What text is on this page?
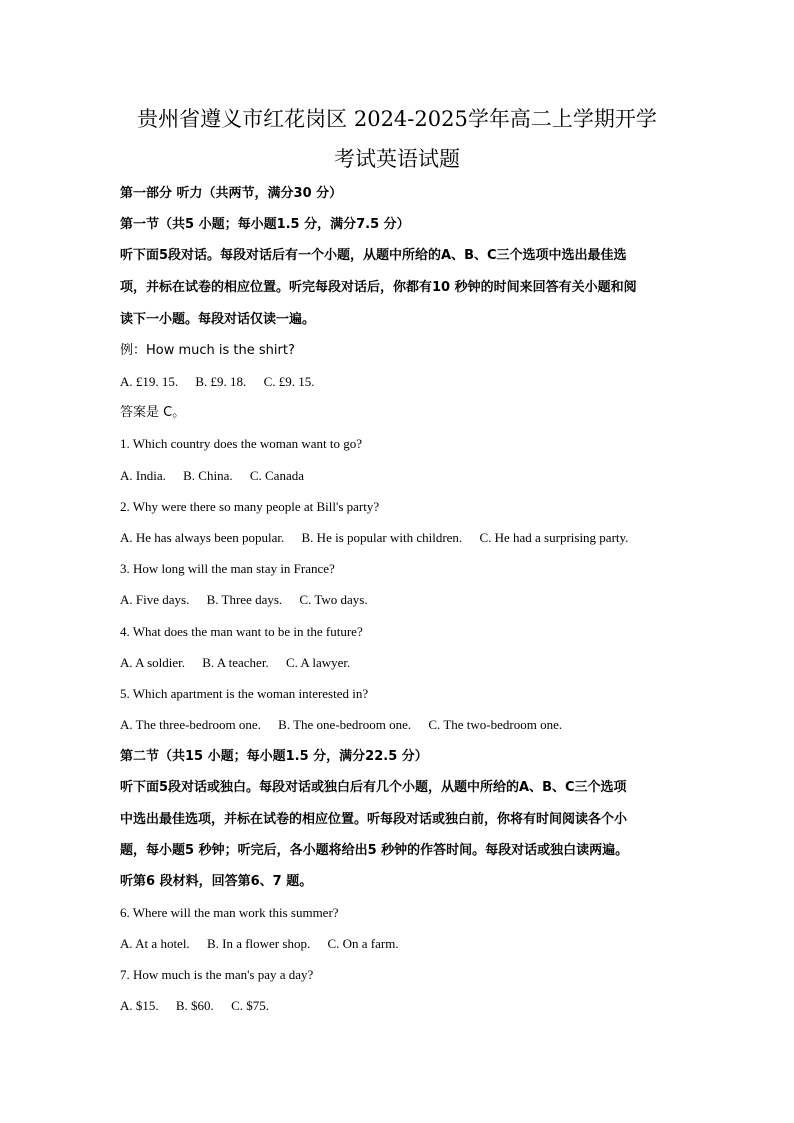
贵州省遵义市红花岗区 2024-2025学年高二上学期开学
考试英语试题
第一部分 听力（共两节，满分30 分）
第一节（共5 小题；每小题1.5 分，满分7.5 分）
听下面5段对话。每段对话后有一个小题，从题中所给的A、B、C三个选项中选出最佳选
项，并标在试卷的相应位置。听完每段对话后，你都有10 秒钟的时间来回答有关小题和阅
读下一小题。每段对话仅读一遍。
例：How much is the shirt?
A. £19. 15. B. £9. 18. C. £9. 15.
答案是 C。
1. Which country does the woman want to go?
A. India. B. China. C. Canada
2. Why were there so many people at Bill's party?
A. He has always been popular. B. He is popular with children. C. He had a surprising party.
3. How long will the man stay in France?
A. Five days. B. Three days. C. Two days.
4. What does the man want to be in the future?
A. A soldier. B. A teacher. C. A lawyer.
5. Which apartment is the woman interested in?
A. The three-bedroom one. B. The one-bedroom one. C. The two-bedroom one.
第二节（共15 小题；每小题1.5 分，满分22.5 分）
听下面5段对话或独白。每段对话或独白后有几个小题，从题中所给的A、B、C三个选项
中选出最佳选项，并标在试卷的相应位置。听每段对话或独白前，你将有时间阅读各个小
题，每小题5 秒钟；听完后，各小题将给出5 秒钟的作答时间。每段对话或独白读两遍。
听第6 段材料，回答第6、7 题。
6. Where will the man work this summer?
A. At a hotel. B. In a flower shop. C. On a farm.
7. How much is the man's pay a day?
A. $15. B. $60. C. $75.
